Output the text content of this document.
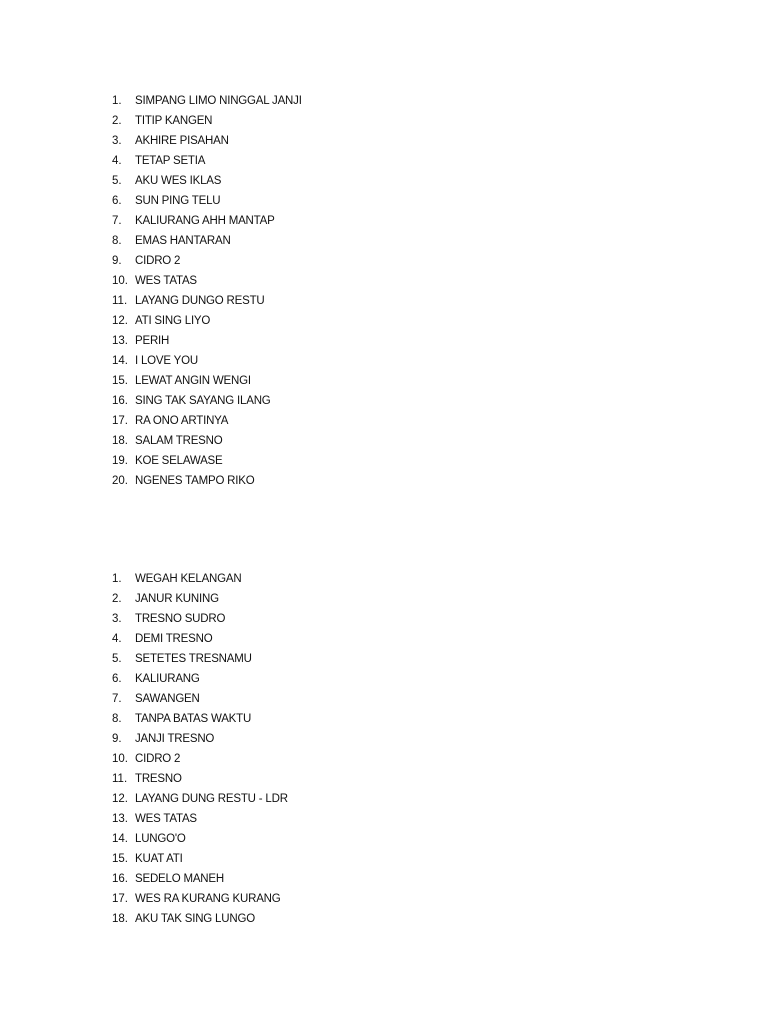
1.	SIMPANG LIMO NINGGAL JANJI
2.	TITIP KANGEN
3.	AKHIRE PISAHAN
4.	TETAP SETIA
5.	AKU WES IKLAS
6.	SUN PING TELU
7.	KALIURANG AHH MANTAP
8.	EMAS HANTARAN
9.	CIDRO 2
10. WES TATAS
11. LAYANG DUNGO RESTU
12. ATI SING LIYO
13. PERIH
14. I LOVE YOU
15. LEWAT ANGIN WENGI
16. SING TAK SAYANG ILANG
17. RA ONO ARTINYA
18. SALAM TRESNO
19. KOE SELAWASE
20. NGENES TAMPO RIKO
1.	WEGAH KELANGAN
2.	JANUR KUNING
3.	TRESNO SUDRO
4.	DEMI TRESNO
5.	SETETES TRESNAMU
6.	KALIURANG
7.	SAWANGEN
8.	TANPA BATAS WAKTU
9.	JANJI TRESNO
10. CIDRO 2
11. TRESNO
12. LAYANG DUNG RESTU - LDR
13. WES TATAS
14. LUNGO'O
15. KUAT ATI
16. SEDELO MANEH
17. WES RA KURANG KURANG
18. AKU TAK SING LUNGO
